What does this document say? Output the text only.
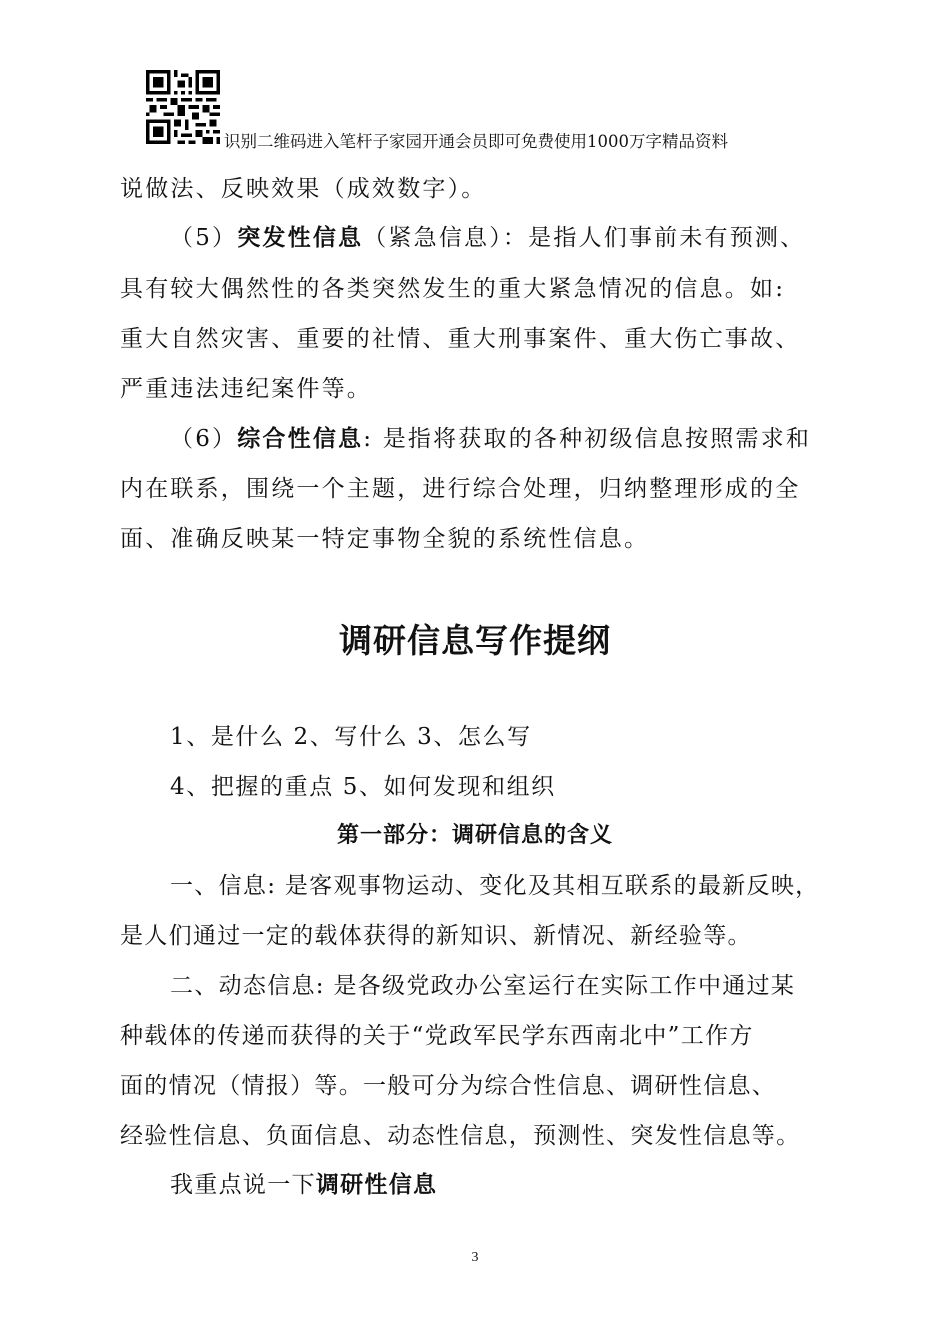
识别二维码进入笔杆子家园开通会员即可免费使用1000万字精品资料
说做法、反映效果（成效数字）。
（5）突发性信息（紧急信息）：是指人们事前未有预测、
具有较大偶然性的各类突然发生的重大紧急情况的信息。如:
重大自然灾害、重要的社情、重大刑事案件、重大伤亡事故、
严重违法违纪案件等。
（6）综合性信息: 是指将获取的各种初级信息按照需求和
内在联系，围绕一个主题，进行综合处理，归纳整理形成的全
面、准确反映某一特定事物全貌的系统性信息。
调研信息写作提纲
1、是什么 2、写什么 3、怎么写
4、把握的重点 5、如何发现和组织
第一部分：调研信息的含义
一、信息: 是客观事物运动、变化及其相互联系的最新反映，
是人们通过一定的载体获得的新知识、新情况、新经验等。
二、动态信息: 是各级党政办公室运行在实际工作中通过某
种载体的传递而获得的关于“党政军民学东西南北中”工作方
面的情况（情报）等。一般可分为综合性信息、调研性信息、
经验性信息、负面信息、动态性信息，预测性、突发性信息等。
我重点说一下调研性信息
3
